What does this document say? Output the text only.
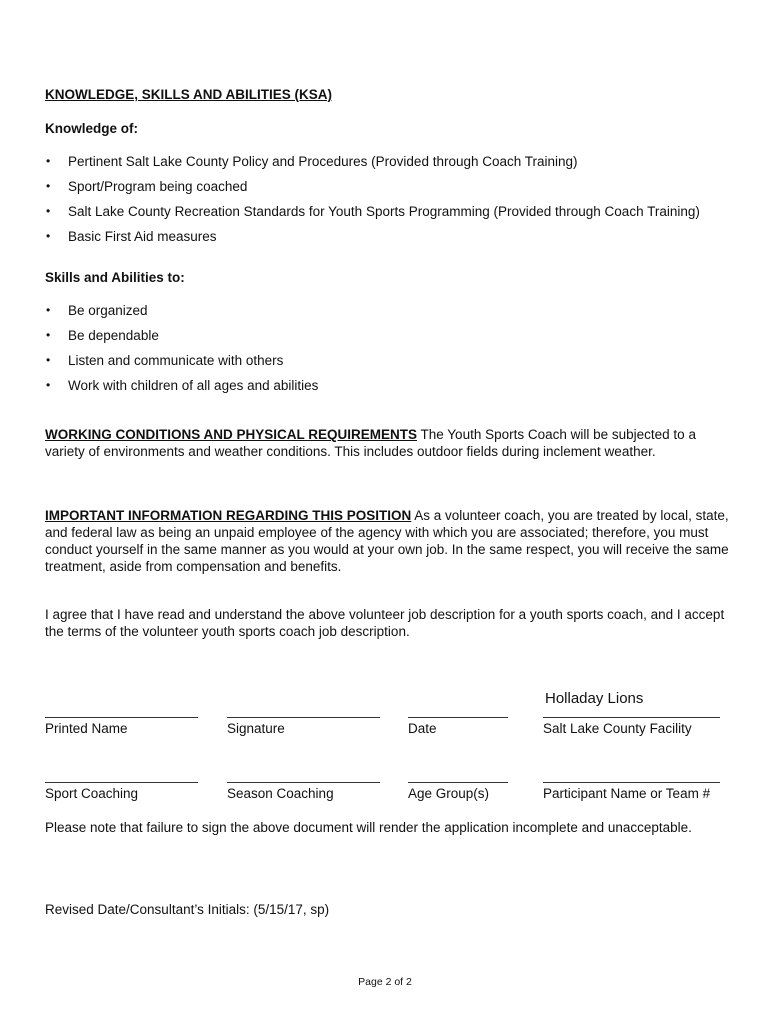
KNOWLEDGE, SKILLS AND ABILITIES (KSA)
Knowledge of:
• Pertinent Salt Lake County Policy and Procedures (Provided through Coach Training)
• Sport/Program being coached
• Salt Lake County Recreation Standards for Youth Sports Programming (Provided through Coach Training)
• Basic First Aid measures
Skills and Abilities to:
• Be organized
• Be dependable
• Listen and communicate with others
• Work with children of all ages and abilities
WORKING CONDITIONS AND PHYSICAL REQUIREMENTS The Youth Sports Coach will be subjected to a variety of environments and weather conditions. This includes outdoor fields during inclement weather.
IMPORTANT INFORMATION REGARDING THIS POSITION As a volunteer coach, you are treated by local, state, and federal law as being an unpaid employee of the agency with which you are associated; therefore, you must conduct yourself in the same manner as you would at your own job. In the same respect, you will receive the same treatment, aside from compensation and benefits.
I agree that I have read and understand the above volunteer job description for a youth sports coach, and I accept the terms of the volunteer youth sports coach job description.
Holladay Lions
Printed Name	Signature	Date	Salt Lake County Facility
Sport Coaching	Season Coaching	Age Group(s)	Participant Name or Team #
Please note that failure to sign the above document will render the application incomplete and unacceptable.
Revised Date/Consultant’s Initials: (5/15/17, sp)
Page 2 of 2
